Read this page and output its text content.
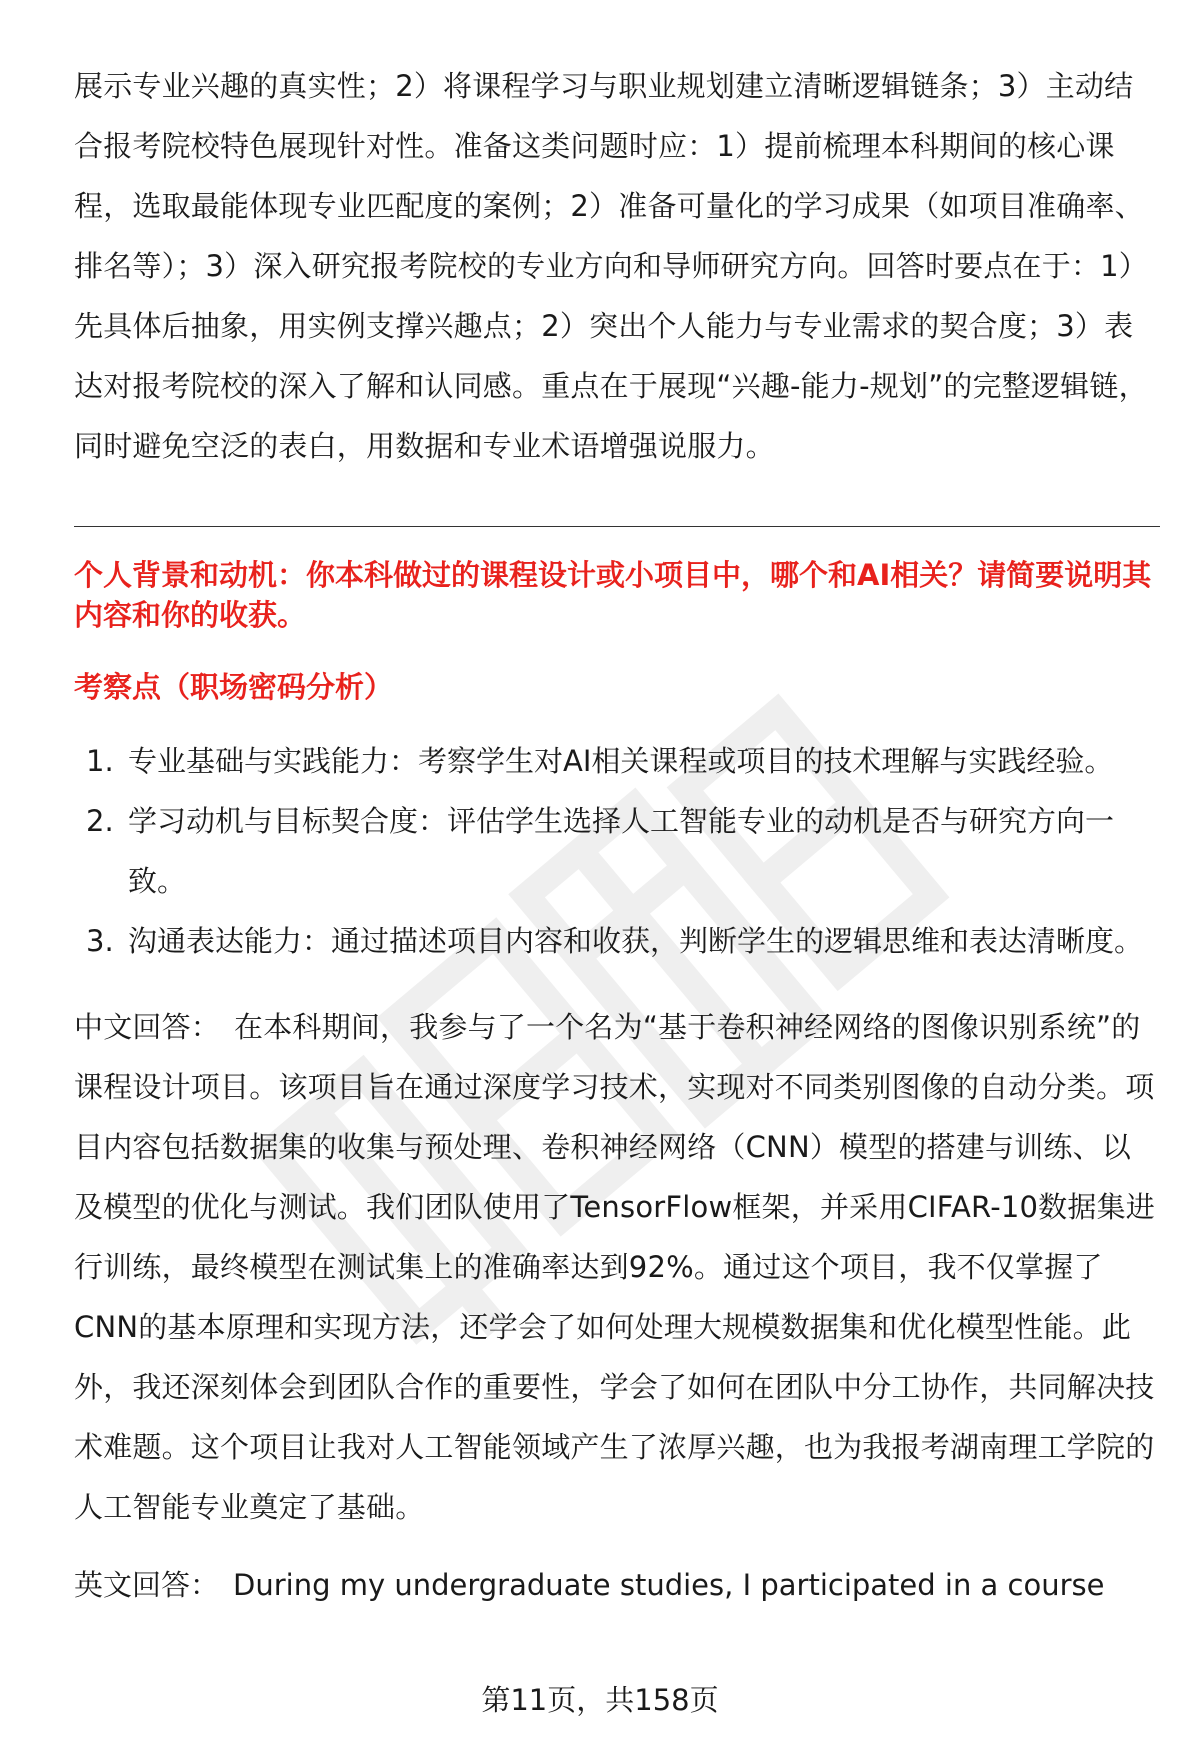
展示专业兴趣的真实性；2）将课程学习与职业规划建立清晰逻辑链条；3）主动结合报考院校特色展现针对性。准备这类问题时应：1）提前梳理本科期间的核心课程，选取最能体现专业匹配度的案例；2）准备可量化的学习成果（如项目准确率、排名等）；3）深入研究报考院校的专业方向和导师研究方向。回答时要点在于：1）先具体后抽象，用实例支撑兴趣点；2）突出个人能力与专业需求的契合度；3）表达对报考院校的深入了解和认同感。重点在于展现“兴趣-能力-规划”的完整逻辑链，同时避免空泛的表白，用数据和专业术语增强说服力。

个人背景和动机：你本科做过的课程设计或小项目中，哪个和AI相关？请简要说明其内容和你的收获。

考察点（职场密码分析）

1. 专业基础与实践能力：考察学生对AI相关课程或项目的技术理解与实践经验。
2. 学习动机与目标契合度：评估学生选择人工智能专业的动机是否与研究方向一致。
3. 沟通表达能力：通过描述项目内容和收获，判断学生的逻辑思维和表达清晰度。

中文回答： 在本科期间，我参与了一个名为“基于卷积神经网络的图像识别系统”的课程设计项目。该项目旨在通过深度学习技术，实现对不同类别图像的自动分类。项目内容包括数据集的收集与预处理、卷积神经网络（CNN）模型的搭建与训练、以及模型的优化与测试。我们团队使用了TensorFlow框架，并采用CIFAR-10数据集进行训练，最终模型在测试集上的准确率达到92%。通过这个项目，我不仅掌握了CNN的基本原理和实现方法，还学会了如何处理大规模数据集和优化模型性能。此外，我还深刻体会到团队合作的重要性，学会了如何在团队中分工协作，共同解决技术难题。这个项目让我对人工智能领域产生了浓厚兴趣，也为我报考湖南理工学院的人工智能专业奠定了基础。

英文回答： During my undergraduate studies, I participated in a course
第11页，共158页
